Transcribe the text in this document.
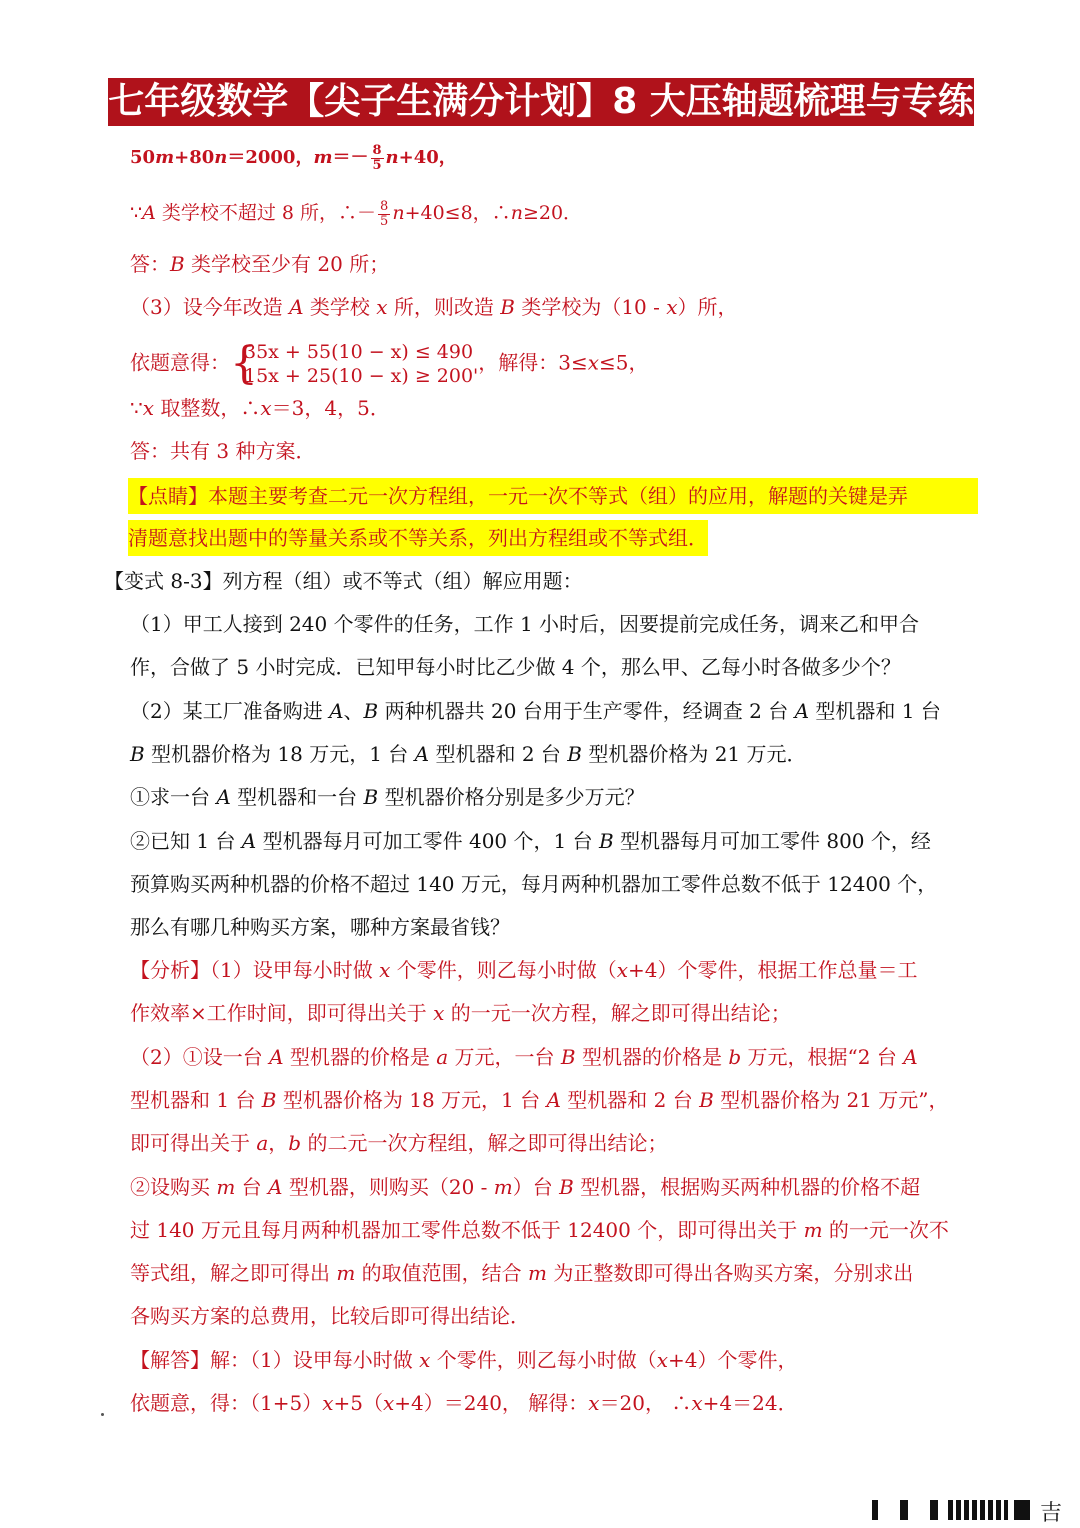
七年级数学【尖子生满分计划】8 大压轴题梳理与专练
50m+80n＝2000，$m=- \frac{8}{5} n+40$，
∵A 类学校不超过 8 所，∴－ $\frac{8}{5} n+40\le 8$，∴n≥20．
答：B 类学校至少有 20 所；
（3）设今年改造 A 类学校 x 所，则改造 B 类学校为（10 - x）所，
依题意得： {
35x + 55(10 − x) ≤ 490
15x + 25(10 − x) ≥ 200'
，解得：3≤x≤5，
∵x 取整数，∴x＝3，4，5．
答：共有 3 种方案．
【点睛】本题主要考查二元一次方程组，一元一次不等式（组）的应用，解题的关键是弄
清题意找出题中的等量关系或不等关系，列出方程组或不等式组．
【变式 8-3】列方程（组）或不等式（组）解应用题：
（1）甲工人接到 240 个零件的任务，工作 1 小时后，因要提前完成任务，调来乙和甲合
作，合做了 5 小时完成．已知甲每小时比乙少做 4 个，那么甲、乙每小时各做多少个？
（2）某工厂准备购进 A、B 两种机器共 20 台用于生产零件，经调查 2 台 A 型机器和 1 台
B 型机器价格为 18 万元，1 台 A 型机器和 2 台 B 型机器价格为 21 万元．
①求一台 A 型机器和一台 B 型机器价格分别是多少万元？
②已知 1 台 A 型机器每月可加工零件 400 个，1 台 B 型机器每月可加工零件 800 个，经
预算购买两种机器的价格不超过 140 万元，每月两种机器加工零件总数不低于 12400 个，
那么有哪几种购买方案，哪种方案最省钱？
【分析】（1）设甲每小时做 x 个零件，则乙每小时做（x+4）个零件，根据工作总量＝工
作效率×工作时间，即可得出关于 x 的一元一次方程，解之即可得出结论；
（2）①设一台 A 型机器的价格是 a 万元，一台 B 型机器的价格是 b 万元，根据“2 台 A
型机器和 1 台 B 型机器价格为 18 万元，1 台 A 型机器和 2 台 B 型机器价格为 21 万元”，
即可得出关于 a，b 的二元一次方程组，解之即可得出结论；
②设购买 m 台 A 型机器，则购买（20 - m）台 B 型机器，根据购买两种机器的价格不超
过 140 万元且每月两种机器加工零件总数不低于 12400 个，即可得出关于 m 的一元一次不
等式组，解之即可得出 m 的取值范围，结合 m 为正整数即可得出各购买方案，分别求出
各购买方案的总费用，比较后即可得出结论．
【解答】解：（1）设甲每小时做 x 个零件，则乙每小时做（x+4）个零件，
依题意，得：（1+5）x+5（x+4）＝240， 解得：x＝20， ∴x+4＝24．
吉
